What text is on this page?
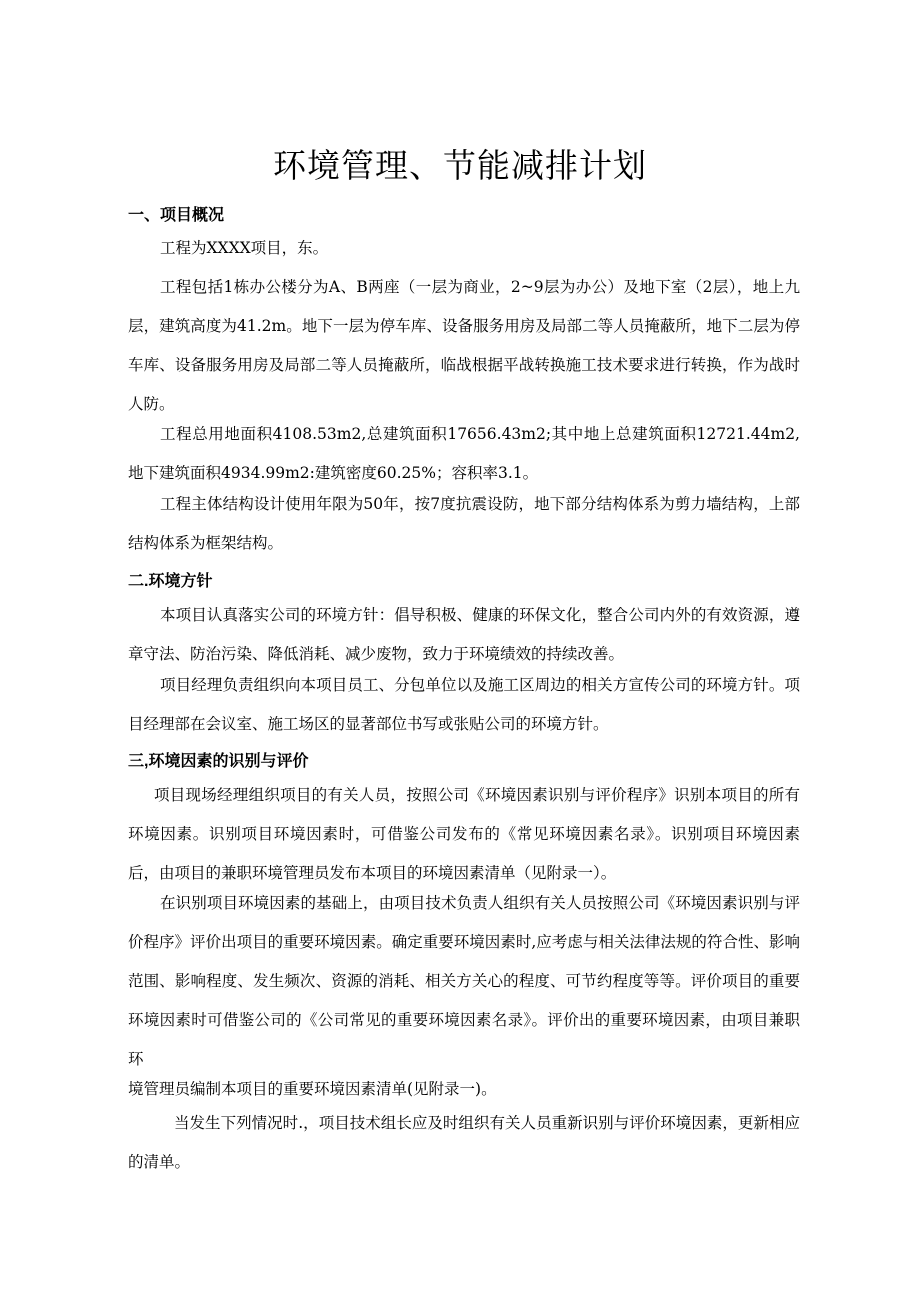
环境管理、节能减排计划
一、项目概况

工程为XXXX项目，东。

工程包括1栋办公楼分为A、B两座（一层为商业，2~9层为办公）及地下室（2层），地上九层，建筑高度为41.2m。地下一层为停车库、设备服务用房及局部二等人员掩蔽所，地下二层为停车库、设备服务用房及局部二等人员掩蔽所，临战根据平战转换施工技术要求进行转换，作为战时人防。

工程总用地面积4108.53m2,总建筑面积17656.43m2;其中地上总建筑面积12721.44m2,地下建筑面积4934.99m2:建筑密度60.25%；容积率3.1。

工程主体结构设计使用年限为50年，按7度抗震设防，地下部分结构体系为剪力墙结构，上部结构体系为框架结构。

二.环境方针

本项目认真落实公司的环境方针：倡导积极、健康的环保文化，整合公司内外的有效资源，遵章守法、防治污染、降低消耗、减少废物，致力于环境绩效的持续改善。

项目经理负责组织向本项目员工、分包单位以及施工区周边的相关方宣传公司的环境方针。项目经理部在会议室、施工场区的显著部位书写或张贴公司的环境方针。

三,环境因素的识别与评价

项目现场经理组织项目的有关人员，按照公司《环境因素识别与评价程序》识别本项目的所有环境因素。识别项目环境因素时，可借鉴公司发布的《常见环境因素名录》。识别项目环境因素后，由项目的兼职环境管理员发布本项目的环境因素清单（见附录一）。

在识别项目环境因素的基础上，由项目技术负责人组织有关人员按照公司《环境因素识别与评价程序》评价出项目的重要环境因素。确定重要环境因素时,应考虑与相关法律法规的符合性、影响范围、影响程度、发生频次、资源的消耗、相关方关心的程度、可节约程度等等。评价项目的重要环境因素时可借鉴公司的《公司常见的重要环境因素名录》。评价出的重要环境因素，由项目兼职环

境管理员编制本项目的重要环境因素清单(见附录一)。

当发生下列情况时.，项目技术组长应及时组织有关人员重新识别与评价环境因素，更新相应的清单。
